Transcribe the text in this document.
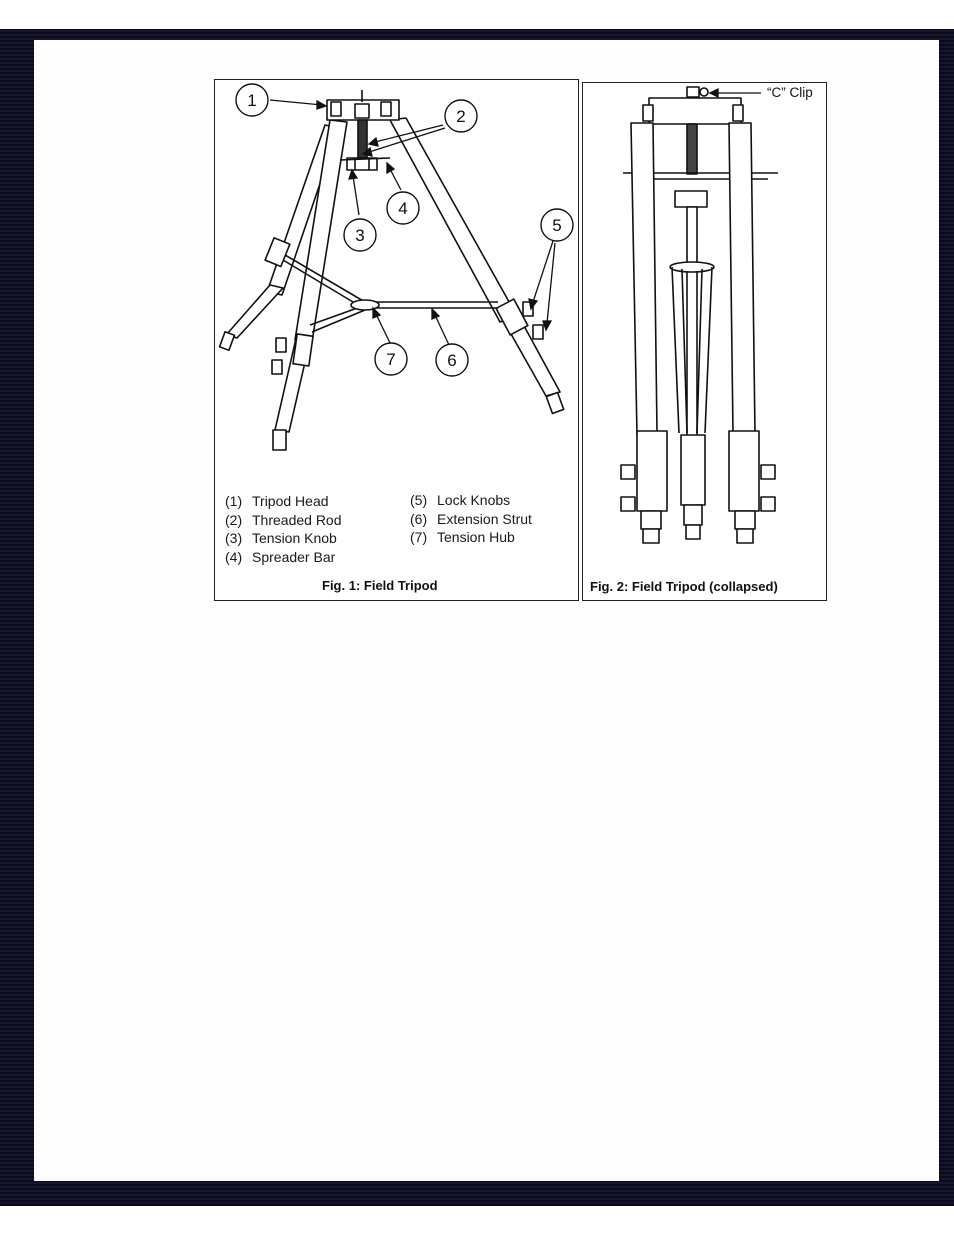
1
2
3
4
5
6
7
(1) Tripod Head
(2) Threaded Rod
(3) Tension Knob
(4) Spreader Bar
(5) Lock Knobs
(6) Extension Strut
(7) Tension Hub
Fig. 1: Field Tripod
“C” Clip
Fig. 2: Field Tripod (collapsed)
